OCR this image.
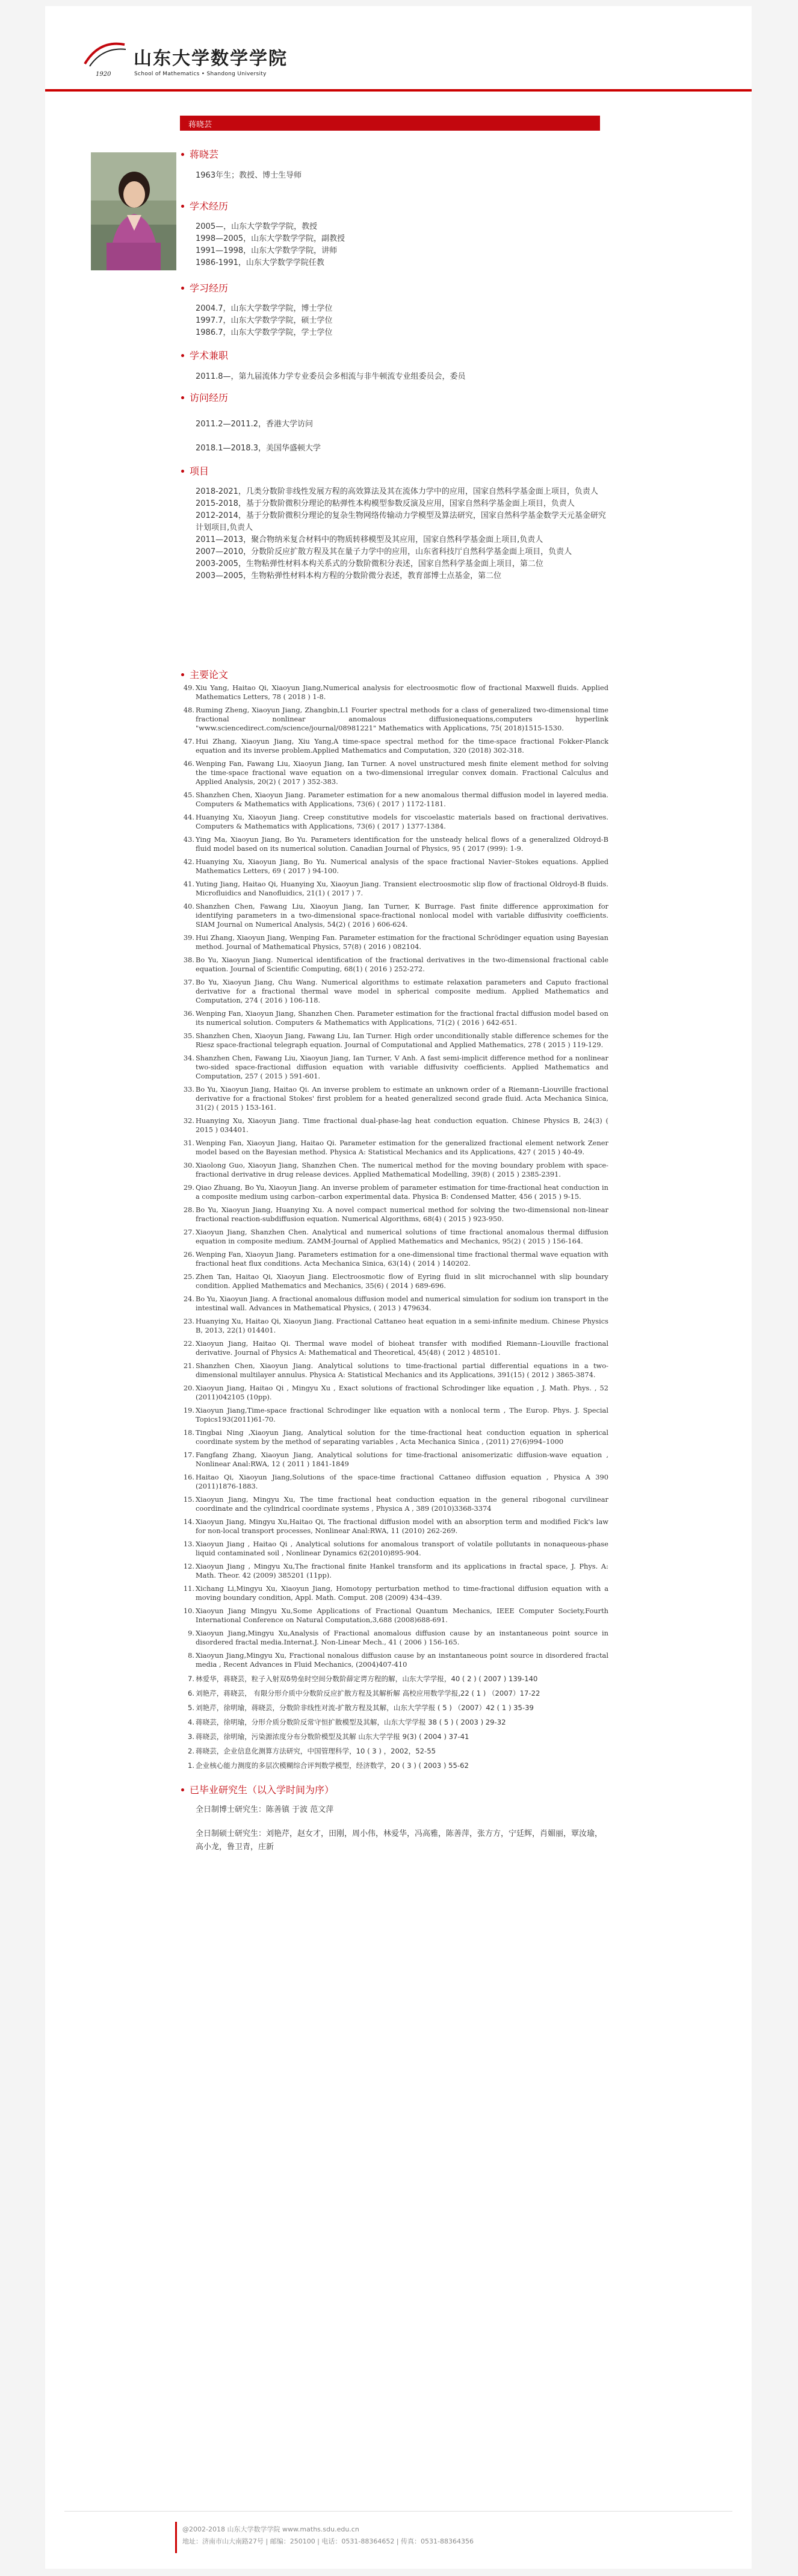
1920
山东大学数学学院
School of Mathematics • Shandong University
蒋晓芸
蒋晓芸

1963年生；教授、博士生导师

学术经历

2005—，山东大学数学学院，教授

1998—2005，山东大学数学学院，副教授

1991—1998，山东大学数学学院，讲师

1986-1991，山东大学数学学院任教

学习经历

2004.7，山东大学数学学院，博士学位

1997.7，山东大学数学学院，硕士学位

1986.7，山东大学数学学院，学士学位

学术兼职

2011.8—，第九届流体力学专业委员会多相流与非牛顿流专业组委员会，委员

访问经历

2011.2—2011.2，香港大学访问

2018.1—2018.3，美国华盛顿大学

项目

2018-2021，几类分数阶非线性发展方程的高效算法及其在流体力学中的应用，国家自然科学基金面上项目，负责人

2015-2018，基于分数阶微积分理论的粘弹性本构模型参数反演及应用，国家自然科学基金面上项目，负责人

2012-2014，基于分数阶微积分理论的复杂生物网络传输动力学模型及算法研究，国家自然科学基金数学天元基金研究计划项目,负责人

2011—2013，聚合物纳米复合材料中的物质转移模型及其应用，国家自然科学基金面上项目,负责人

2007—2010，分数阶反应扩散方程及其在量子力学中的应用，山东省科技厅自然科学基金面上项目，负责人

2003-2005，生物粘弹性材料本构关系式的分数阶微积分表述，国家自然科学基金面上项目，第二位

2003—2005，生物粘弹性材料本构方程的分数阶微分表述，教育部博士点基金，第二位

主要论文
49. Xiu Yang, Haitao Qi, Xiaoyun Jiang,Numerical analysis for electroosmotic flow of fractional Maxwell fluids. Applied Mathematics Letters, 78 ( 2018 ) 1-8.
48. Ruming Zheng, Xiaoyun Jiang, Zhangbin,L1 Fourier spectral methods for a class of generalized two-dimensional time fractional nonlinear anomalous diffusionequations,computers hyperlink "www.sciencedirect.com/science/journal/08981221" Mathematics with Applications, 75( 2018)1515-1530.
47. Hui Zhang, Xiaoyun Jiang, Xiu Yang,A time-space spectral method for the time-space fractional Fokker-Planck equation and its inverse problem.Applied Mathematics and Computation, 320 (2018) 302-318.
46. Wenping Fan, Fawang Liu, Xiaoyun Jiang, Ian Turner. A novel unstructured mesh finite element method for solving the time-space fractional wave equation on a two-dimensional irregular convex domain. Fractional Calculus and Applied Analysis, 20(2) ( 2017 ) 352-383.
45. Shanzhen Chen, Xiaoyun Jiang. Parameter estimation for a new anomalous thermal diffusion model in layered media. Computers & Mathematics with Applications, 73(6) ( 2017 ) 1172-1181.
44. Huanying Xu, Xiaoyun Jiang. Creep constitutive models for viscoelastic materials based on fractional derivatives. Computers & Mathematics with Applications, 73(6) ( 2017 ) 1377-1384.
43. Ying Ma, Xiaoyun Jiang, Bo Yu. Parameters identification for the unsteady helical flows of a generalized Oldroyd-B fluid model based on its numerical solution. Canadian Journal of Physics, 95 ( 2017 (999): 1-9.
42. Huanying Xu, Xiaoyun Jiang, Bo Yu. Numerical analysis of the space fractional Navier–Stokes equations. Applied Mathematics Letters, 69 ( 2017 ) 94-100.
41. Yuting Jiang, Haitao Qi, Huanying Xu, Xiaoyun Jiang. Transient electroosmotic slip flow of fractional Oldroyd-B fluids. Microfluidics and Nanofluidics, 21(1) ( 2017 ) 7.
40. Shanzhen Chen, Fawang Liu, Xiaoyun Jiang, Ian Turner, K Burrage. Fast finite difference approximation for identifying parameters in a two-dimensional space-fractional nonlocal model with variable diffusivity coefficients. SIAM Journal on Numerical Analysis, 54(2) ( 2016 ) 606-624.
39. Hui Zhang, Xiaoyun Jiang, Wenping Fan. Parameter estimation for the fractional Schrödinger equation using Bayesian method. Journal of Mathematical Physics, 57(8) ( 2016 ) 082104.
38. Bo Yu, Xiaoyun Jiang. Numerical identification of the fractional derivatives in the two-dimensional fractional cable equation. Journal of Scientific Computing, 68(1) ( 2016 ) 252-272.
37. Bo Yu, Xiaoyun Jiang, Chu Wang. Numerical algorithms to estimate relaxation parameters and Caputo fractional derivative for a fractional thermal wave model in spherical composite medium. Applied Mathematics and Computation, 274 ( 2016 ) 106-118.
36. Wenping Fan, Xiaoyun Jiang, Shanzhen Chen. Parameter estimation for the fractional fractal diffusion model based on its numerical solution. Computers & Mathematics with Applications, 71(2) ( 2016 ) 642-651.
35. Shanzhen Chen, Xiaoyun Jiang, Fawang Liu, Ian Turner. High order unconditionally stable difference schemes for the Riesz space-fractional telegraph equation. Journal of Computational and Applied Mathematics, 278 ( 2015 ) 119-129.
34. Shanzhen Chen, Fawang Liu, Xiaoyun Jiang, Ian Turner, V Anh. A fast semi-implicit difference method for a nonlinear two-sided space-fractional diffusion equation with variable diffusivity coefficients. Applied Mathematics and Computation, 257 ( 2015 ) 591-601.
33. Bo Yu, Xiaoyun Jiang, Haitao Qi. An inverse problem to estimate an unknown order of a Riemann–Liouville fractional derivative for a fractional Stokes' first problem for a heated generalized second grade fluid. Acta Mechanica Sinica, 31(2) ( 2015 ) 153-161.
32. Huanying Xu, Xiaoyun Jiang. Time fractional dual-phase-lag heat conduction equation. Chinese Physics B, 24(3) ( 2015 ) 034401.
31. Wenping Fan, Xiaoyun Jiang, Haitao Qi. Parameter estimation for the generalized fractional element network Zener model based on the Bayesian method. Physica A: Statistical Mechanics and its Applications, 427 ( 2015 ) 40-49.
30. Xiaolong Guo, Xiaoyun Jiang, Shanzhen Chen. The numerical method for the moving boundary problem with space-fractional derivative in drug release devices. Applied Mathematical Modelling, 39(8) ( 2015 ) 2385-2391.
29. Qiao Zhuang, Bo Yu, Xiaoyun Jiang. An inverse problem of parameter estimation for time-fractional heat conduction in a composite medium using carbon–carbon experimental data. Physica B: Condensed Matter, 456 ( 2015 ) 9-15.
28. Bo Yu, Xiaoyun Jiang, Huanying Xu. A novel compact numerical method for solving the two-dimensional non-linear fractional reaction-subdiffusion equation. Numerical Algorithms, 68(4) ( 2015 ) 923-950.
27. Xiaoyun Jiang, Shanzhen Chen. Analytical and numerical solutions of time fractional anomalous thermal diffusion equation in composite medium. ZAMM-Journal of Applied Mathematics and Mechanics, 95(2) ( 2015 ) 156-164.
26. Wenping Fan, Xiaoyun Jiang. Parameters estimation for a one-dimensional time fractional thermal wave equation with fractional heat flux conditions. Acta Mechanica Sinica, 63(14) ( 2014 ) 140202.
25. Zhen Tan, Haitao Qi, Xiaoyun Jiang. Electroosmotic flow of Eyring fluid in slit microchannel with slip boundary condition. Applied Mathematics and Mechanics, 35(6) ( 2014 ) 689-696.
24. Bo Yu, Xiaoyun Jiang. A fractional anomalous diffusion model and numerical simulation for sodium ion transport in the intestinal wall. Advances in Mathematical Physics, ( 2013 ) 479634.
23. Huanying Xu, Haitao Qi, Xiaoyun Jiang. Fractional Cattaneo heat equation in a semi-infinite medium. Chinese Physics B, 2013, 22(1) 014401.
22. Xiaoyun Jiang, Haitao Qi. Thermal wave model of bioheat transfer with modified Riemann–Liouville fractional derivative. Journal of Physics A: Mathematical and Theoretical, 45(48) ( 2012 ) 485101.
21. Shanzhen Chen, Xiaoyun Jiang. Analytical solutions to time-fractional partial differential equations in a two-dimensional multilayer annulus. Physica A: Statistical Mechanics and its Applications, 391(15) ( 2012 ) 3865-3874.
20. Xiaoyun Jiang, Haitao Qi , Mingyu Xu , Exact solutions of fractional Schrodinger like equation , J. Math. Phys. , 52 (2011)042105 (10pp).
19. Xiaoyun Jiang,Time-space fractional Schrodinger like equation with a nonlocal term , The Europ. Phys. J. Special Topics193(2011)61-70.
18. Tingbai Ning ,Xiaoyun Jiang, Analytical solution for the time-fractional heat conduction equation in spherical coordinate system by the method of separating variables , Acta Mechanica Sinica , (2011) 27(6)994–1000
17. Fangfang Zhang, Xiaoyun Jiang, Analytical solutions for time-fractional anisomerizatic diffusion-wave equation , Nonlinear Anal:RWA, 12 ( 2011 ) 1841-1849
16. Haitao Qi, Xiaoyun Jiang,Solutions of the space-time fractional Cattaneo diffusion equation , Physica A 390 (2011)1876-1883.
15. Xiaoyun Jiang, Mingyu Xu, The time fractional heat conduction equation in the general ribogonal curvilinear coordinate and the cylindrical coordinate systems , Physica A , 389 (2010)3368-3374
14. Xiaoyun Jiang, Mingyu Xu,Haitao Qi, The fractional diffusion model with an absorption term and modified Fick's law for non-local transport processes, Nonlinear Anal:RWA, 11 (2010) 262-269.
13. Xiaoyun Jiang , Haitao Qi , Analytical solutions for anomalous transport of volatile pollutants in nonaqueous-phase liquid contaminated soil , Nonlinear Dynamics 62(2010)895-904.
12. Xiaoyun Jiang , Mingyu Xu,The fractional finite Hankel transform and its applications in fractal space, J. Phys. A: Math. Theor. 42 (2009) 385201 (11pp).
11. Xichang Li,Mingyu Xu, Xiaoyun Jiang, Homotopy perturbation method to time-fractional diffusion equation with a moving boundary condition, Appl. Math. Comput. 208 (2009) 434–439.
10. Xiaoyun Jiang Mingyu Xu,Some Applications of Fractional Quantum Mechanics, IEEE Computer Society,Fourth International Conference on Natural Computation,3,688 (2008)688-691.
9. Xiaoyun Jiang,Mingyu Xu,Analysis of Fractional anomalous diffusion cause by an instantaneous point source in disordered fractal media.Internat.J. Non-Linear Mech., 41 ( 2006 ) 156-165.
8. Xiaoyun Jiang,Mingyu Xu, Fractional nonalous diffusion cause by an instantaneous point source in disordered fractal media , Recent Advances in Fluid Mechanics, (2004)407-410
7. 林爱华，蒋晓芸，粒子入射双δ势垒时空间分数阶薛定谔方程的解，山东大学学报，40 ( 2 ) ( 2007 ) 139-140
6. 刘艳芹，蒋晓芸， 有限分形介质中分数阶反应扩散方程及其解析解 高校应用数学学报,22 ( 1 ) （2007）17-22
5. 刘艳芹，徐明瑜，蒋晓芸，分数阶非线性对流-扩散方程及其解，山东大学学报 ( 5 ) （2007）42 ( 1 ) 35-39
4. 蒋晓芸，徐明瑜，分形介质分数阶反常守恒扩散模型及其解，山东大学学报 38 ( 5 ) ( 2003 ) 29-32
3. 蒋晓芸，徐明瑜，污染源浓度分布分数阶模型及其解 山东大学学报 9(3) ( 2004 ) 37-41
2. 蒋晓芸，企业信息化测算方法研究，中国管理科学，10 ( 3 ) ，2002，52-55
1. 企业核心能力测度的多层次模糊综合评判数学模型，经济数学，20 ( 3 ) ( 2003 ) 55-62
已毕业研究生（以入学时间为序）

全日制博士研究生：陈善镇 于波 范文萍

全日制硕士研究生：刘艳芹，赵女才，田刚，周小伟，林爱华，冯高雅，陈善萍，张方方，宁廷辉，肖媚丽，覃汝瑜，高小龙，鲁卫青，庄新

@2002-2018 山东大学数学学院 www.maths.sdu.edu.cn
地址：济南市山大南路27号 | 邮编：250100 | 电话：0531-88364652 | 传真：0531-88364356
